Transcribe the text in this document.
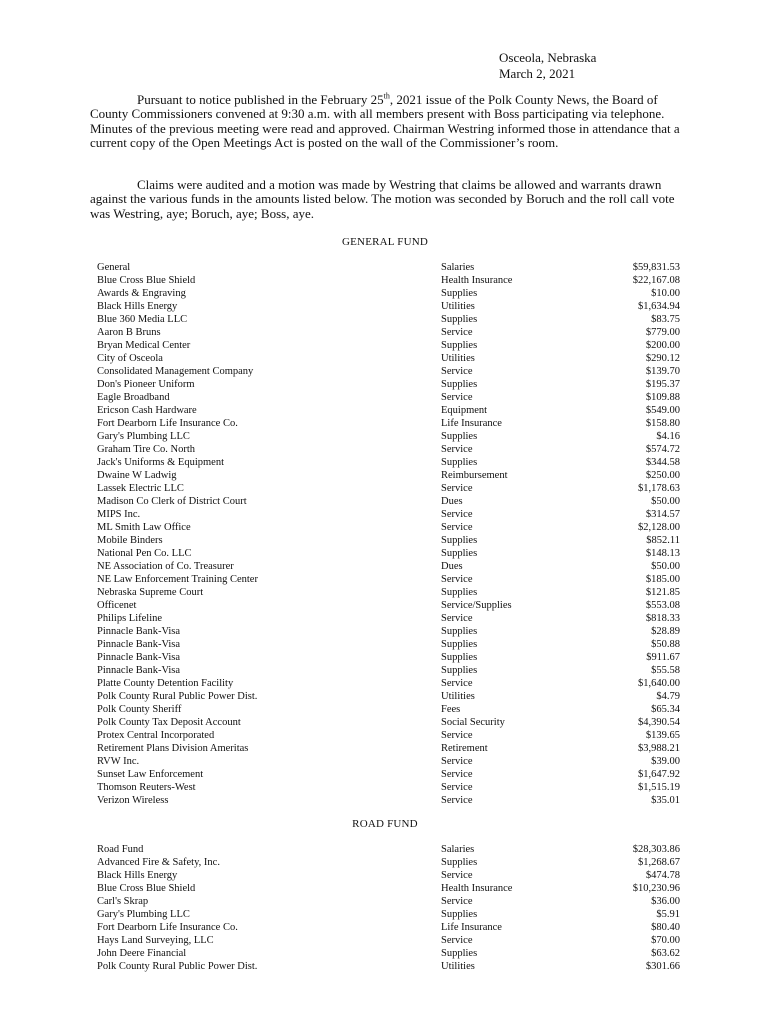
Osceola, Nebraska
March 2, 2021

Pursuant to notice published in the February 25th, 2021 issue of the Polk County News, the Board of County Commissioners convened at 9:30 a.m. with all members present with Boss participating via telephone. Minutes of the previous meeting were read and approved. Chairman Westring informed those in attendance that a current copy of the Open Meetings Act is posted on the wall of the Commissioner’s room.

Claims were audited and a motion was made by Westring that claims be allowed and warrants drawn against the various funds in the amounts listed below. The motion was seconded by Boruch and the roll call vote was Westring, aye; Boruch, aye; Boss, aye.

GENERAL FUND
General	Salaries	$59,831.53
Blue Cross Blue Shield	Health Insurance	$22,167.08
Awards & Engraving	Supplies	$10.00
Black Hills Energy	Utilities	$1,634.94
Blue 360 Media LLC	Supplies	$83.75
Aaron B Bruns	Service	$779.00
Bryan Medical Center	Supplies	$200.00
City of Osceola	Utilities	$290.12
Consolidated Management Company	Service	$139.70
Don's Pioneer Uniform	Supplies	$195.37
Eagle Broadband	Service	$109.88
Ericson Cash Hardware	Equipment	$549.00
Fort Dearborn Life Insurance Co.	Life Insurance	$158.80
Gary's Plumbing LLC	Supplies	$4.16
Graham Tire Co. North	Service	$574.72
Jack's Uniforms & Equipment	Supplies	$344.58
Dwaine W Ladwig	Reimbursement	$250.00
Lassek Electric LLC	Service	$1,178.63
Madison Co Clerk of District Court	Dues	$50.00
MIPS Inc.	Service	$314.57
ML Smith Law Office	Service	$2,128.00
Mobile Binders	Supplies	$852.11
National Pen Co. LLC	Supplies	$148.13
NE Association of Co. Treasurer	Dues	$50.00
NE Law Enforcement Training Center	Service	$185.00
Nebraska Supreme Court	Supplies	$121.85
Officenet	Service/Supplies	$553.08
Philips Lifeline	Service	$818.33
Pinnacle Bank-Visa	Supplies	$28.89
Pinnacle Bank-Visa	Supplies	$50.88
Pinnacle Bank-Visa	Supplies	$911.67
Pinnacle Bank-Visa	Supplies	$55.58
Platte County Detention Facility	Service	$1,640.00
Polk County Rural Public Power Dist.	Utilities	$4.79
Polk County Sheriff	Fees	$65.34
Polk County Tax Deposit Account	Social Security	$4,390.54
Protex Central Incorporated	Service	$139.65
Retirement Plans Division Ameritas	Retirement	$3,988.21
RVW Inc.	Service	$39.00
Sunset Law Enforcement	Service	$1,647.92
Thomson Reuters-West	Service	$1,515.19
Verizon Wireless	Service	$35.01
ROAD FUND
Road Fund	Salaries	$28,303.86
Advanced Fire & Safety, Inc.	Supplies	$1,268.67
Black Hills Energy	Service	$474.78
Blue Cross Blue Shield	Health Insurance	$10,230.96
Carl's Skrap	Service	$36.00
Gary's Plumbing LLC	Supplies	$5.91
Fort Dearborn Life Insurance Co.	Life Insurance	$80.40
Hays Land Surveying, LLC	Service	$70.00
John Deere Financial	Supplies	$63.62
Polk County Rural Public Power Dist.	Utilities	$301.66
